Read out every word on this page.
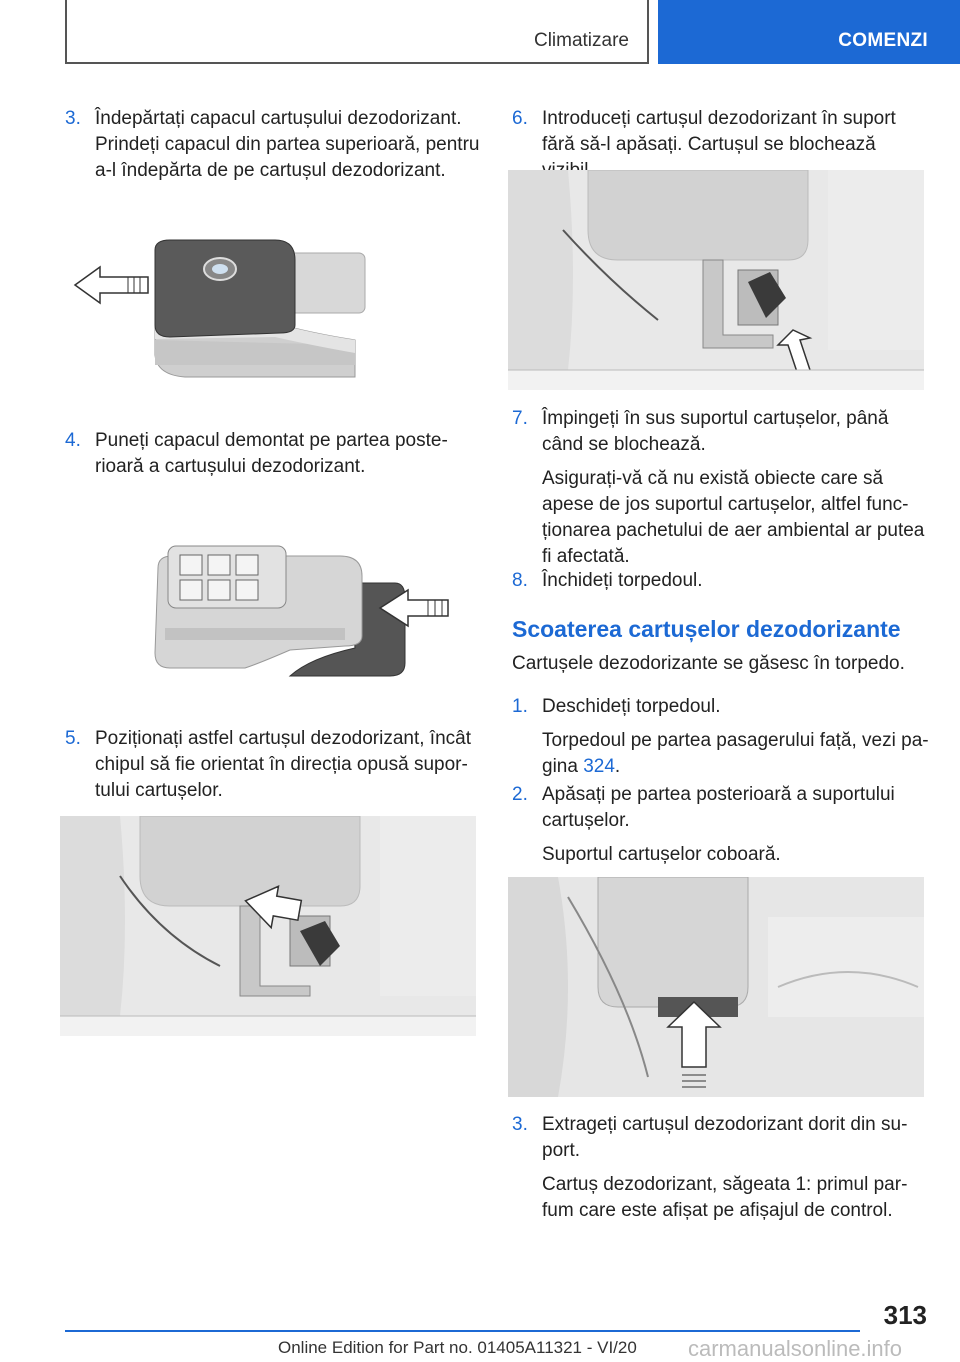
Climatizare	COMENZI
3. Îndepărtați capacul cartușului dezodorizant. Prindeți capacul din partea superioară, pentru a-l îndepărta de pe cartușul dezodorizant.
4. Puneți capacul demontat pe partea poste-rioară a cartușului dezodorizant.
5. Poziționați astfel cartușul dezodorizant, încât chipul să fie orientat în direcția opusă supor-tului cartușelor.
6. Introduceți cartușul dezodorizant în suport fără să-l apăsați. Cartușul se blochează
7. Împingeți în sus suportul cartușelor, până când se blochează.
Asigurați-vă că nu există obiecte care să apese de jos suportul cartușelor, altfel func-ționarea pachetului de aer ambiental ar putea fi afectată.
8. Închideți torpedoul.
Scoaterea cartușelor dezodorizante
Cartușele dezodorizante se găsesc în torpedo.
1. Deschideți torpedoul.
Torpedoul pe partea pasagerului față, vezi pa-gina 324.
2. Apăsați pe partea posterioară a suportului cartușelor.
Suportul cartușelor coboară.
3. Extrageți cartușul dezodorizant dorit din su-port.
Cartuș dezodorizant, săgeata 1: primul par-fum care este afișat pe afișajul de control.
313
Online Edition for Part no. 01405A11321 - VI/20 carmanualsonline.info
